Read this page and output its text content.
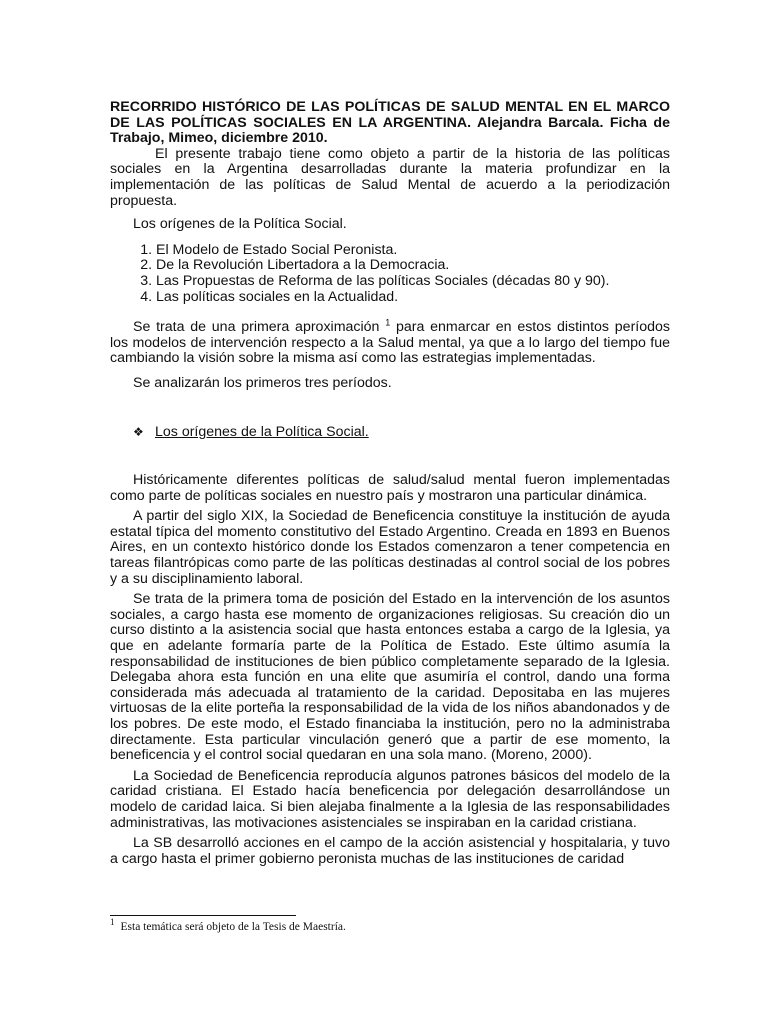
RECORRIDO HISTÓRICO DE LAS POLÍTICAS DE SALUD MENTAL EN EL MARCO DE LAS POLÍTICAS SOCIALES EN LA ARGENTINA. Alejandra Barcala. Ficha de Trabajo, Mimeo, diciembre 2010.

El presente trabajo tiene como objeto a partir de la historia de las políticas sociales en la Argentina desarrolladas durante la materia profundizar en la implementación de las políticas de Salud Mental de acuerdo a la periodización propuesta.

Los orígenes de la Política Social.

1. El Modelo de Estado Social Peronista.
2. De la Revolución Libertadora a la Democracia.
3. Las Propuestas de Reforma de las políticas Sociales (décadas 80 y 90).
4. Las políticas sociales en la Actualidad.

Se trata de una primera aproximación $^1$ para enmarcar en estos distintos períodos los modelos de intervención respecto a la Salud mental, ya que a lo largo del tiempo fue cambiando la visión sobre la misma así como las estrategias implementadas.

Se analizarán los primeros tres períodos.

❖ Los orígenes de la Política Social.

Históricamente diferentes políticas de salud/salud mental fueron implementadas como parte de políticas sociales en nuestro país y mostraron una particular dinámica.

A partir del siglo XIX, la Sociedad de Beneficencia constituye la institución de ayuda estatal típica del momento constitutivo del Estado Argentino. Creada en 1893 en Buenos Aires, en un contexto histórico donde los Estados comenzaron a tener competencia en tareas filantrópicas como parte de las políticas destinadas al control social de los pobres y a su disciplinamiento laboral.

Se trata de la primera toma de posición del Estado en la intervención de los asuntos sociales, a cargo hasta ese momento de organizaciones religiosas. Su creación dio un curso distinto a la asistencia social que hasta entonces estaba a cargo de la Iglesia, ya que en adelante formaría parte de la Política de Estado. Este último asumía la responsabilidad de instituciones de bien público completamente separado de la Iglesia. Delegaba ahora esta función en una elite que asumiría el control, dando una forma considerada más adecuada al tratamiento de la caridad. Depositaba en las mujeres virtuosas de la elite porteña la responsabilidad de la vida de los niños abandonados y de los pobres. De este modo, el Estado financiaba la institución, pero no la administraba directamente. Esta particular vinculación generó que a partir de ese momento, la beneficencia y el control social quedaran en una sola mano. (Moreno, 2000).

La Sociedad de Beneficencia reproducía algunos patrones básicos del modelo de la caridad cristiana. El Estado hacía beneficencia por delegación desarrollándose un modelo de caridad laica. Si bien alejaba finalmente a la Iglesia de las responsabilidades administrativas, las motivaciones asistenciales se inspiraban en la caridad cristiana.

La SB desarrolló acciones en el campo de la acción asistencial y hospitalaria, y tuvo a cargo hasta el primer gobierno peronista muchas de las instituciones de caridad

$^1$ Esta temática será objeto de la Tesis de Maestría.
